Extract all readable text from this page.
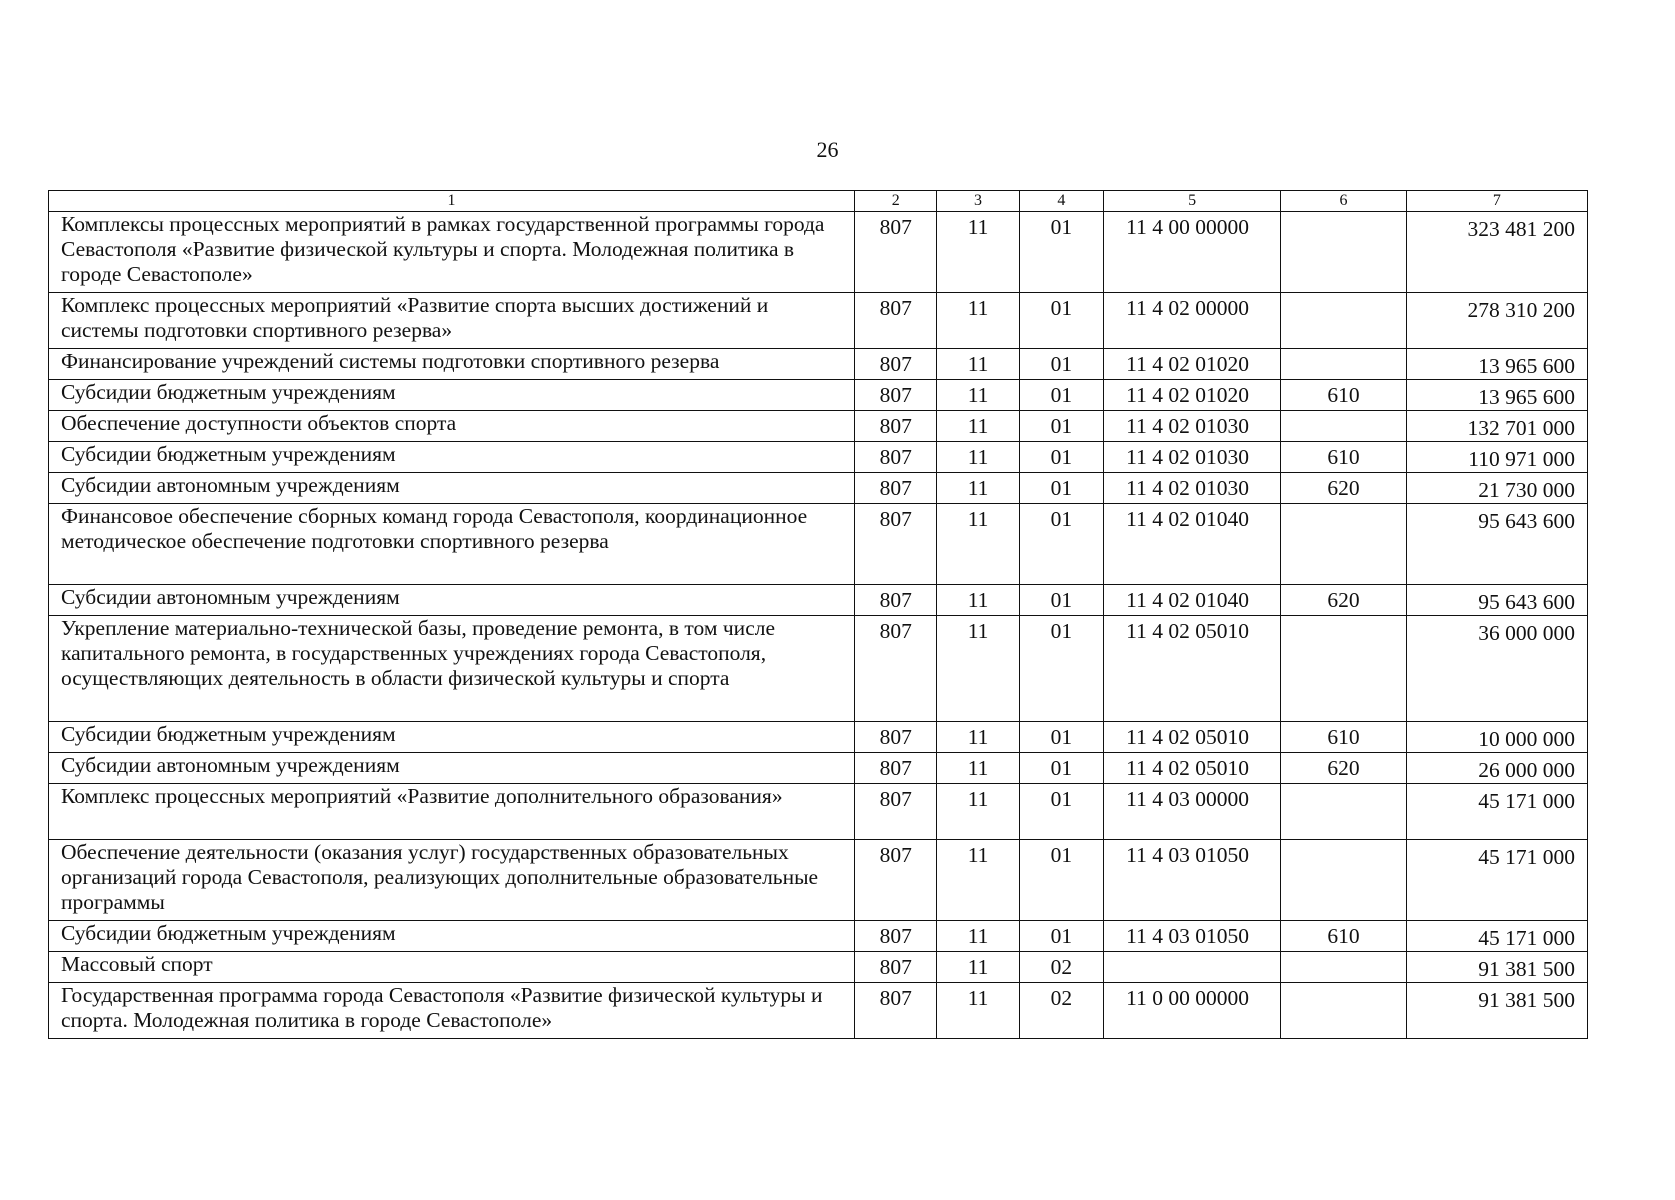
26
1	2	3	4	5	6	7
Комплексы процессных мероприятий в рамках государственной программы города Севастополя «Развитие физической культуры и спорта. Молодежная политика в городе Севастополе»	807	11	01	11 4 00 00000		323 481 200
Комплекс процессных мероприятий «Развитие спорта высших достижений и системы подготовки спортивного резерва»	807	11	01	11 4 02 00000		278 310 200
Финансирование учреждений системы подготовки спортивного резерва	807	11	01	11 4 02 01020		13 965 600
Субсидии бюджетным учреждениям	807	11	01	11 4 02 01020	610	13 965 600
Обеспечение доступности объектов спорта	807	11	01	11 4 02 01030		132 701 000
Субсидии бюджетным учреждениям	807	11	01	11 4 02 01030	610	110 971 000
Субсидии автономным учреждениям	807	11	01	11 4 02 01030	620	21 730 000
Финансовое обеспечение сборных команд города Севастополя, координационное методическое обеспечение подготовки спортивного резерва	807	11	01	11 4 02 01040		95 643 600
Субсидии автономным учреждениям	807	11	01	11 4 02 01040	620	95 643 600
Укрепление материально-технической базы, проведение ремонта, в том числе капитального ремонта, в государственных учреждениях города Севастополя, осуществляющих деятельность в области физической культуры и спорта	807	11	01	11 4 02 05010		36 000 000
Субсидии бюджетным учреждениям	807	11	01	11 4 02 05010	610	10 000 000
Субсидии автономным учреждениям	807	11	01	11 4 02 05010	620	26 000 000
Комплекс процессных мероприятий «Развитие дополнительного образования»	807	11	01	11 4 03 00000		45 171 000
Обеспечение деятельности (оказания услуг) государственных образовательных организаций города Севастополя, реализующих дополнительные образовательные программы	807	11	01	11 4 03 01050		45 171 000
Субсидии бюджетным учреждениям	807	11	01	11 4 03 01050	610	45 171 000
Массовый спорт	807	11	02			91 381 500
Государственная программа города Севастополя «Развитие физической культуры и спорта. Молодежная политика в городе Севастополе»	807	11	02	11 0 00 00000		91 381 500
